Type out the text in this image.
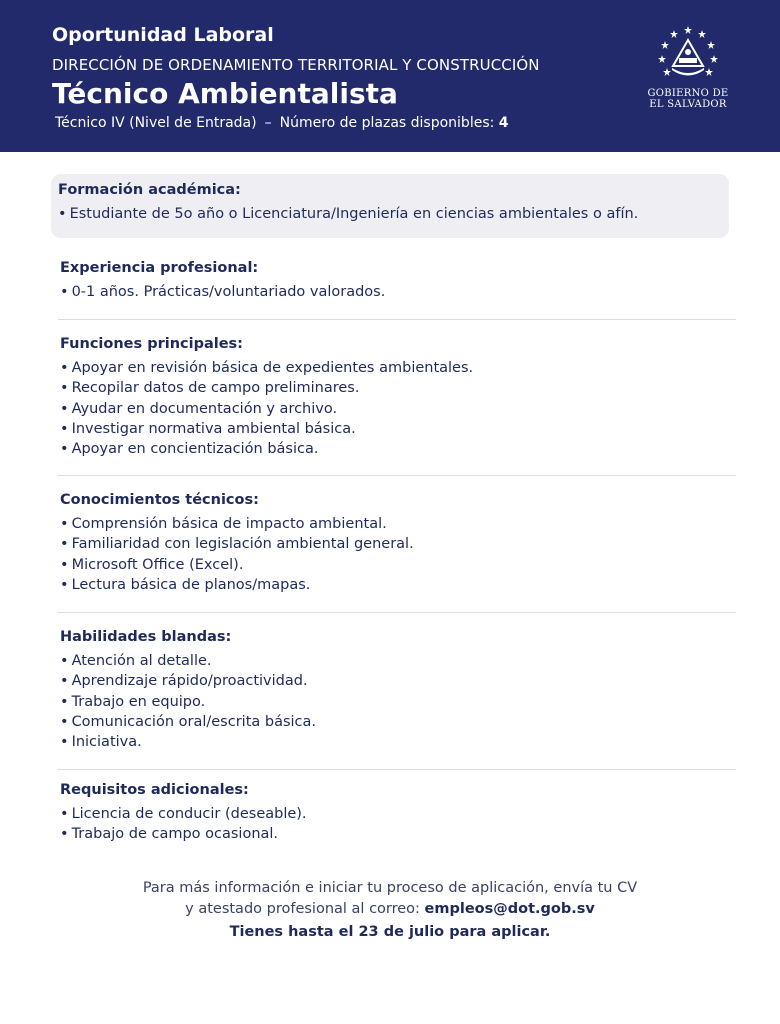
Oportunidad Laboral
DIRECCIÓN DE ORDENAMIENTO TERRITORIAL Y CONSTRUCCIÓN
Técnico Ambientalista
Técnico IV (Nivel de Entrada) – Número de plazas disponibles: 4
GOBIERNO DE
EL SALVADOR
Formación académica:
• Estudiante de 5o año o Licenciatura/Ingeniería en ciencias ambientales o afín.
Experiencia profesional:
• 0-1 años. Prácticas/voluntariado valorados.
Funciones principales:
• Apoyar en revisión básica de expedientes ambientales.
• Recopilar datos de campo preliminares.
• Ayudar en documentación y archivo.
• Investigar normativa ambiental básica.
• Apoyar en concientización básica.
Conocimientos técnicos:
• Comprensión básica de impacto ambiental.
• Familiaridad con legislación ambiental general.
• Microsoft Office (Excel).
• Lectura básica de planos/mapas.
Habilidades blandas:
• Atención al detalle.
• Aprendizaje rápido/proactividad.
• Trabajo en equipo.
• Comunicación oral/escrita básica.
• Iniciativa.
Requisitos adicionales:
• Licencia de conducir (deseable).
• Trabajo de campo ocasional.
Para más información e iniciar tu proceso de aplicación, envía tu CV
y atestado profesional al correo: empleos@dot.gob.sv
Tienes hasta el 23 de julio para aplicar.
